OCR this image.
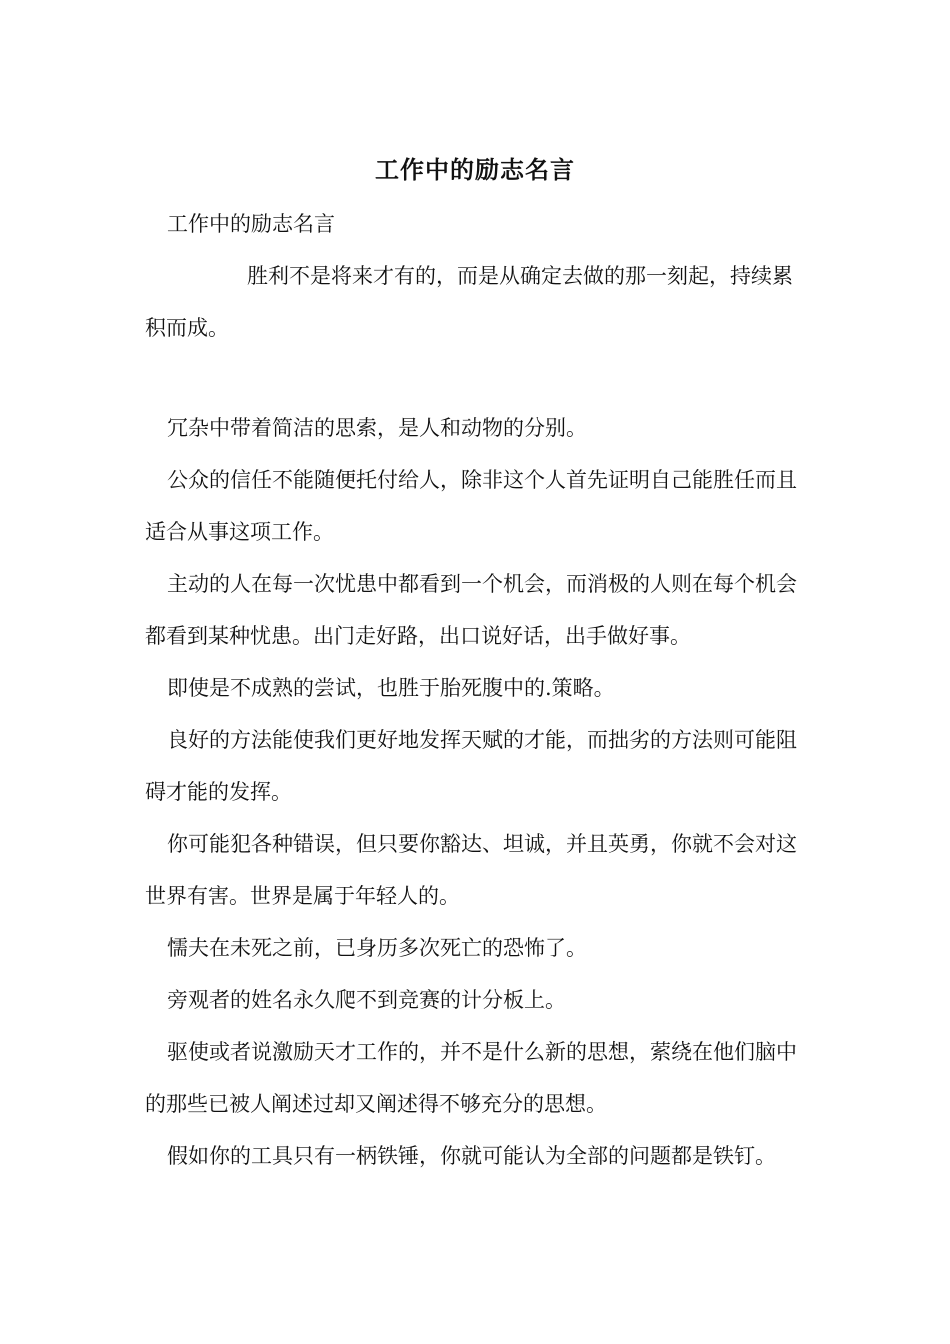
工作中的励志名言

工作中的励志名言

胜利不是将来才有的，而是从确定去做的那一刻起，持续累积而成。

冗杂中带着简洁的思索，是人和动物的分别。

公众的信任不能随便托付给人，除非这个人首先证明自己能胜任而且适合从事这项工作。

主动的人在每一次忧患中都看到一个机会，而消极的人则在每个机会都看到某种忧患。出门走好路，出口说好话，出手做好事。

即使是不成熟的尝试，也胜于胎死腹中的.策略。

良好的方法能使我们更好地发挥天赋的才能，而拙劣的方法则可能阻碍才能的发挥。

你可能犯各种错误，但只要你豁达、坦诚，并且英勇，你就不会对这世界有害。世界是属于年轻人的。

懦夫在未死之前，已身历多次死亡的恐怖了。

旁观者的姓名永久爬不到竞赛的计分板上。

驱使或者说激励天才工作的，并不是什么新的思想，萦绕在他们脑中的那些已被人阐述过却又阐述得不够充分的思想。

假如你的工具只有一柄铁锤，你就可能认为全部的问题都是铁钉。
